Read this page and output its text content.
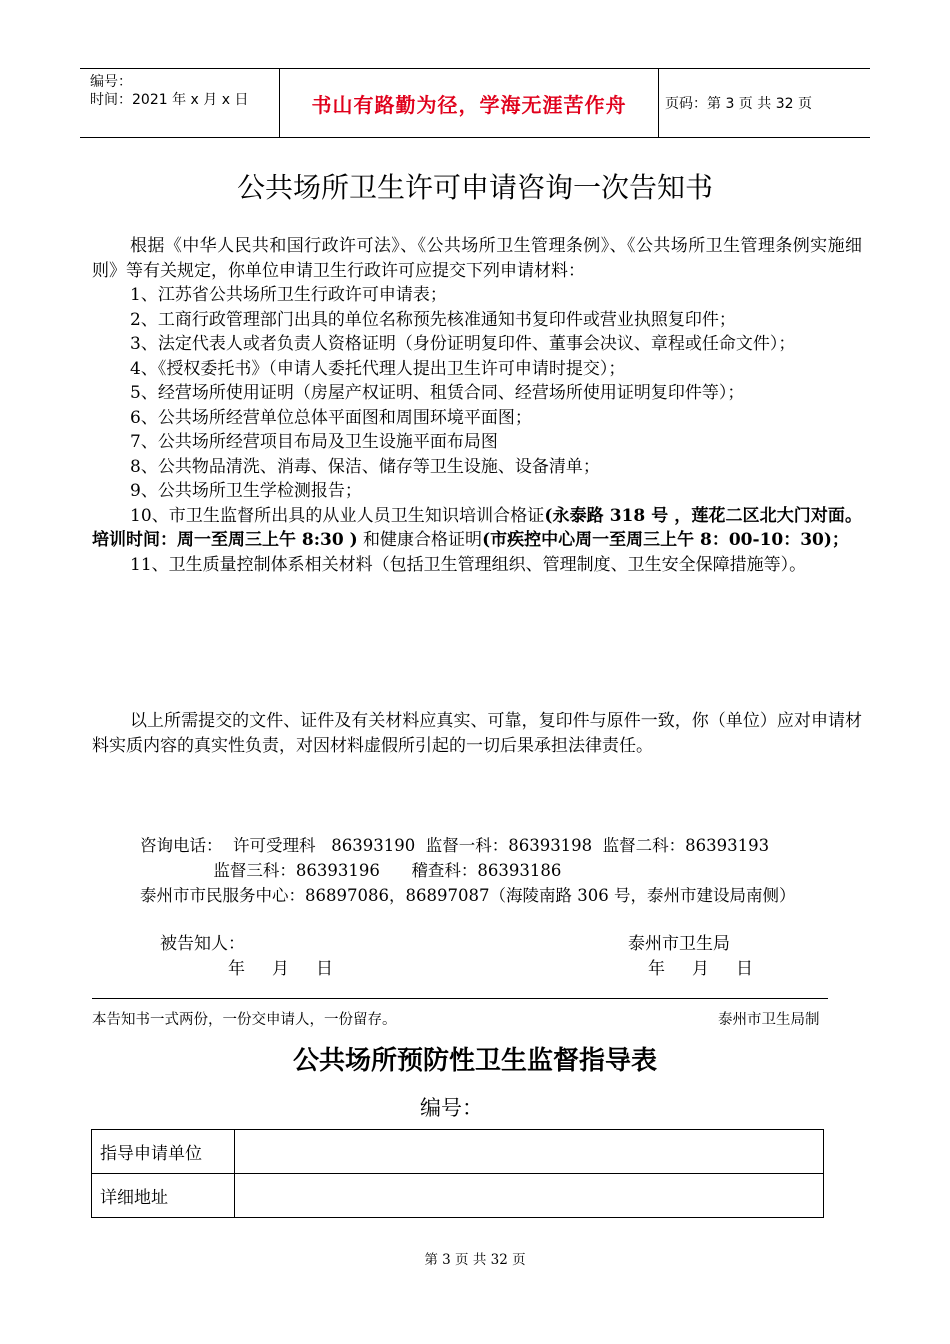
编号：
时间：2021 年 x 月 x 日	书山有路勤为径，学海无涯苦作舟	页码：第 3 页 共 32 页
公共场所卫生许可申请咨询一次告知书

根据《中华人民共和国行政许可法》、《公共场所卫生管理条例》、《公共场所卫生管理条例实施细则》等有关规定，你单位申请卫生行政许可应提交下列申请材料：

1、江苏省公共场所卫生行政许可申请表；

2、工商行政管理部门出具的单位名称预先核准通知书复印件或营业执照复印件；

3、法定代表人或者负责人资格证明（身份证明复印件、董事会决议、章程或任命文件）；

4、《授权委托书》（申请人委托代理人提出卫生许可申请时提交）；

5、经营场所使用证明（房屋产权证明、租赁合同、经营场所使用证明复印件等）；

6、公共场所经营单位总体平面图和周围环境平面图；

7、公共场所经营项目布局及卫生设施平面布局图

8、公共物品清洗、消毒、保洁、储存等卫生设施、设备清单；

9、公共场所卫生学检测报告；

10、市卫生监督所出具的从业人员卫生知识培训合格证(永泰路 318 号 ，莲花二区北大门对面。培训时间：周一至周三上午 8:30 ) 和健康合格证明(市疾控中心周一至周三上午 8：00-10：30)；

11、卫生质量控制体系相关材料（包括卫生管理组织、管理制度、卫生安全保障措施等）。

以上所需提交的文件、证件及有关材料应真实、可靠，复印件与原件一致，你（单位）应对申请材料实质内容的真实性负责，对因材料虚假所引起的一切后果承担法律责任。

咨询电话：  许可受理科   86393190  监督一科：86393198  监督二科：86393193
监督三科：86393196      稽查科：86393186
泰州市市民服务中心：86897086，86897087（海陵南路 306 号，泰州市建设局南侧）
被告知人：	泰州市卫生局
年     月     日	年     月     日
本告知书一式两份，一份交申请人，一份留存。	泰州市卫生局制
公共场所预防性卫生监督指导表
编号：
指导申请单位	
详细地址	
第 3 页 共 32 页
